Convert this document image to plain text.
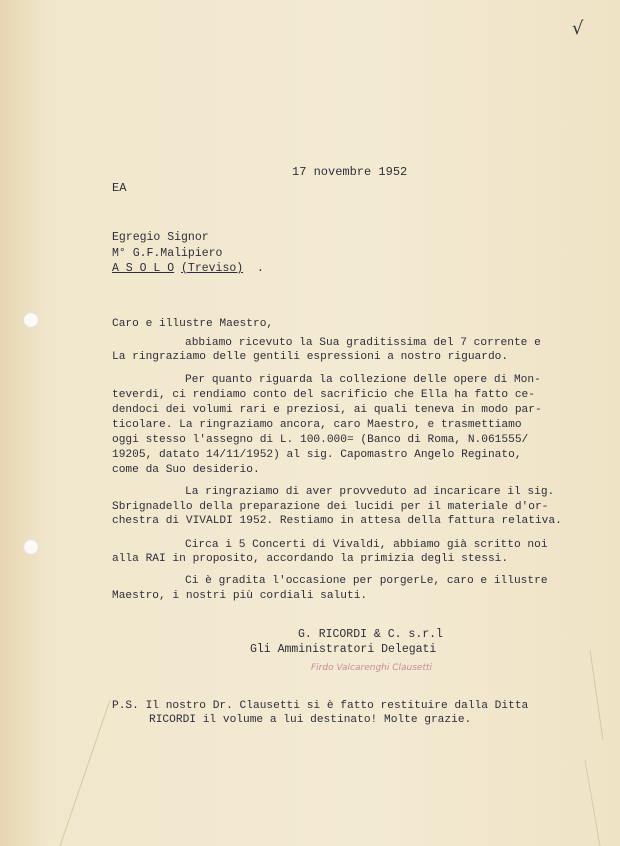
√
17 novembre 1952
EA
Egregio Signor
M° G.F.Malipiero
A S O L O (Treviso) .
Caro e illustre Maestro,
abbiamo ricevuto la Sua graditissima del 7 corrente e
La ringraziamo delle gentili espressioni a nostro riguardo.
Per quanto riguarda la collezione delle opere di Mon-
teverdi, ci rendiamo conto del sacrificio che Ella ha fatto ce-
dendoci dei volumi rari e preziosi, ai quali teneva in modo par-
ticolare. La ringraziamo ancora, caro Maestro, e trasmettiamo
oggi stesso l'assegno di L. 100.000= (Banco di Roma, N.061555/
19205, datato 14/11/1952) al sig. Capomastro Angelo Reginato,
come da Suo desiderio.
La ringraziamo di aver provveduto ad incaricare il sig.
Sbrignadello della preparazione dei lucidi per il materiale d'or-
chestra di VIVALDI 1952. Restiamo in attesa della fattura relativa.
Circa i 5 Concerti di Vivaldi, abbiamo già scritto noi
alla RAI in proposito, accordando la primizia degli stessi.
Ci è gradita l'occasione per porgerLe, caro e illustre
Maestro, i nostri più cordiali saluti.
G. RICORDI & C. s.r.l
Gli Amministratori Delegati
Firdo Valcarenghi Clausetti
P.S. Il nostro Dr. Clausetti si è fatto restituire dalla Ditta
RICORDI il volume a lui destinato! Molte grazie.
